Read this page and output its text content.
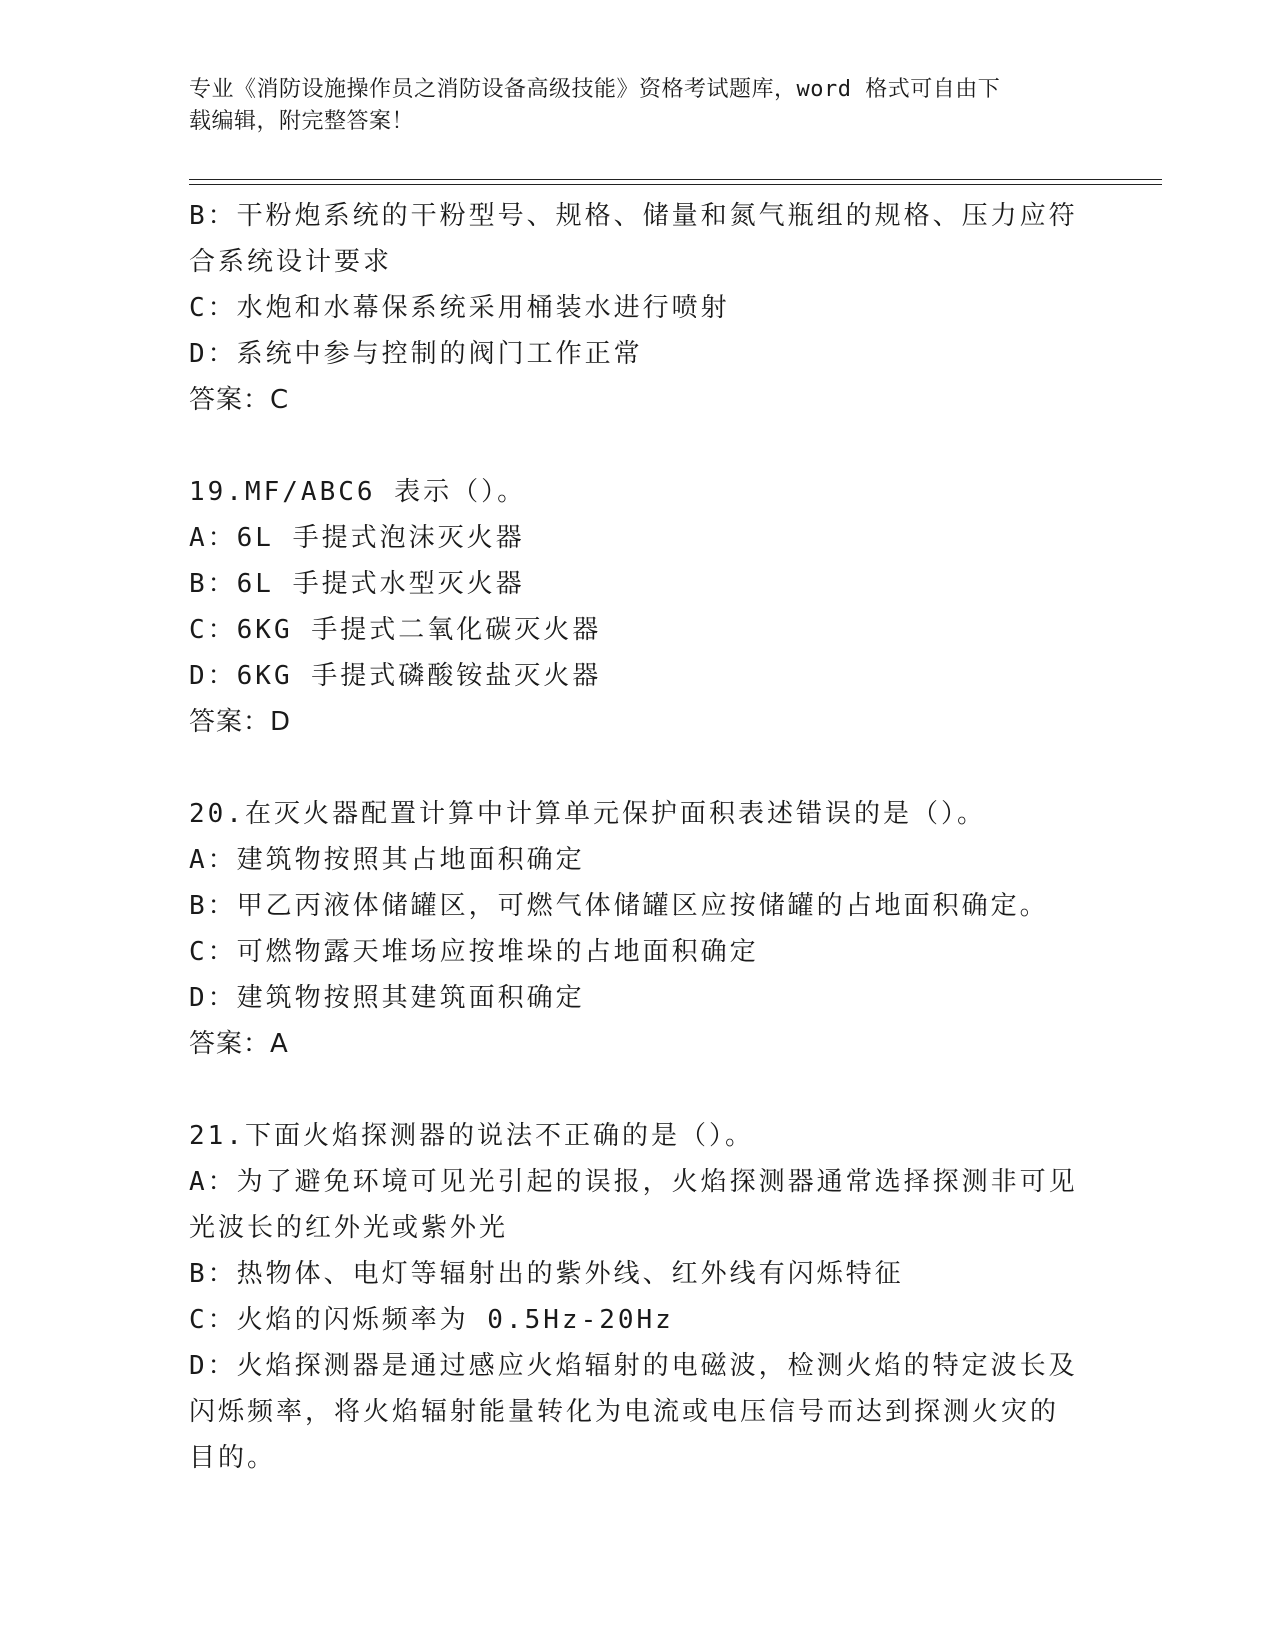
专业《消防设施操作员之消防设备高级技能》资格考试题库，word 格式可自由下
载编辑，附完整答案！
B：干粉炮系统的干粉型号、规格、储量和氮气瓶组的规格、压力应符
合系统设计要求
C：水炮和水幕保系统采用桶装水进行喷射
D：系统中参与控制的阀门工作正常
答案：C
19.MF/ABC6 表示（）。
A：6L 手提式泡沫灭火器
B：6L 手提式水型灭火器
C：6KG 手提式二氧化碳灭火器
D：6KG 手提式磷酸铵盐灭火器
答案：D
20.在灭火器配置计算中计算单元保护面积表述错误的是（）。
A：建筑物按照其占地面积确定
B：甲乙丙液体储罐区，可燃气体储罐区应按储罐的占地面积确定。
C：可燃物露天堆场应按堆垛的占地面积确定
D：建筑物按照其建筑面积确定
答案：A
21.下面火焰探测器的说法不正确的是（）。
A：为了避免环境可见光引起的误报，火焰探测器通常选择探测非可见
光波长的红外光或紫外光
B：热物体、电灯等辐射出的紫外线、红外线有闪烁特征
C：火焰的闪烁频率为 0.5Hz-20Hz
D：火焰探测器是通过感应火焰辐射的电磁波，检测火焰的特定波长及
闪烁频率，将火焰辐射能量转化为电流或电压信号而达到探测火灾的
目的。
